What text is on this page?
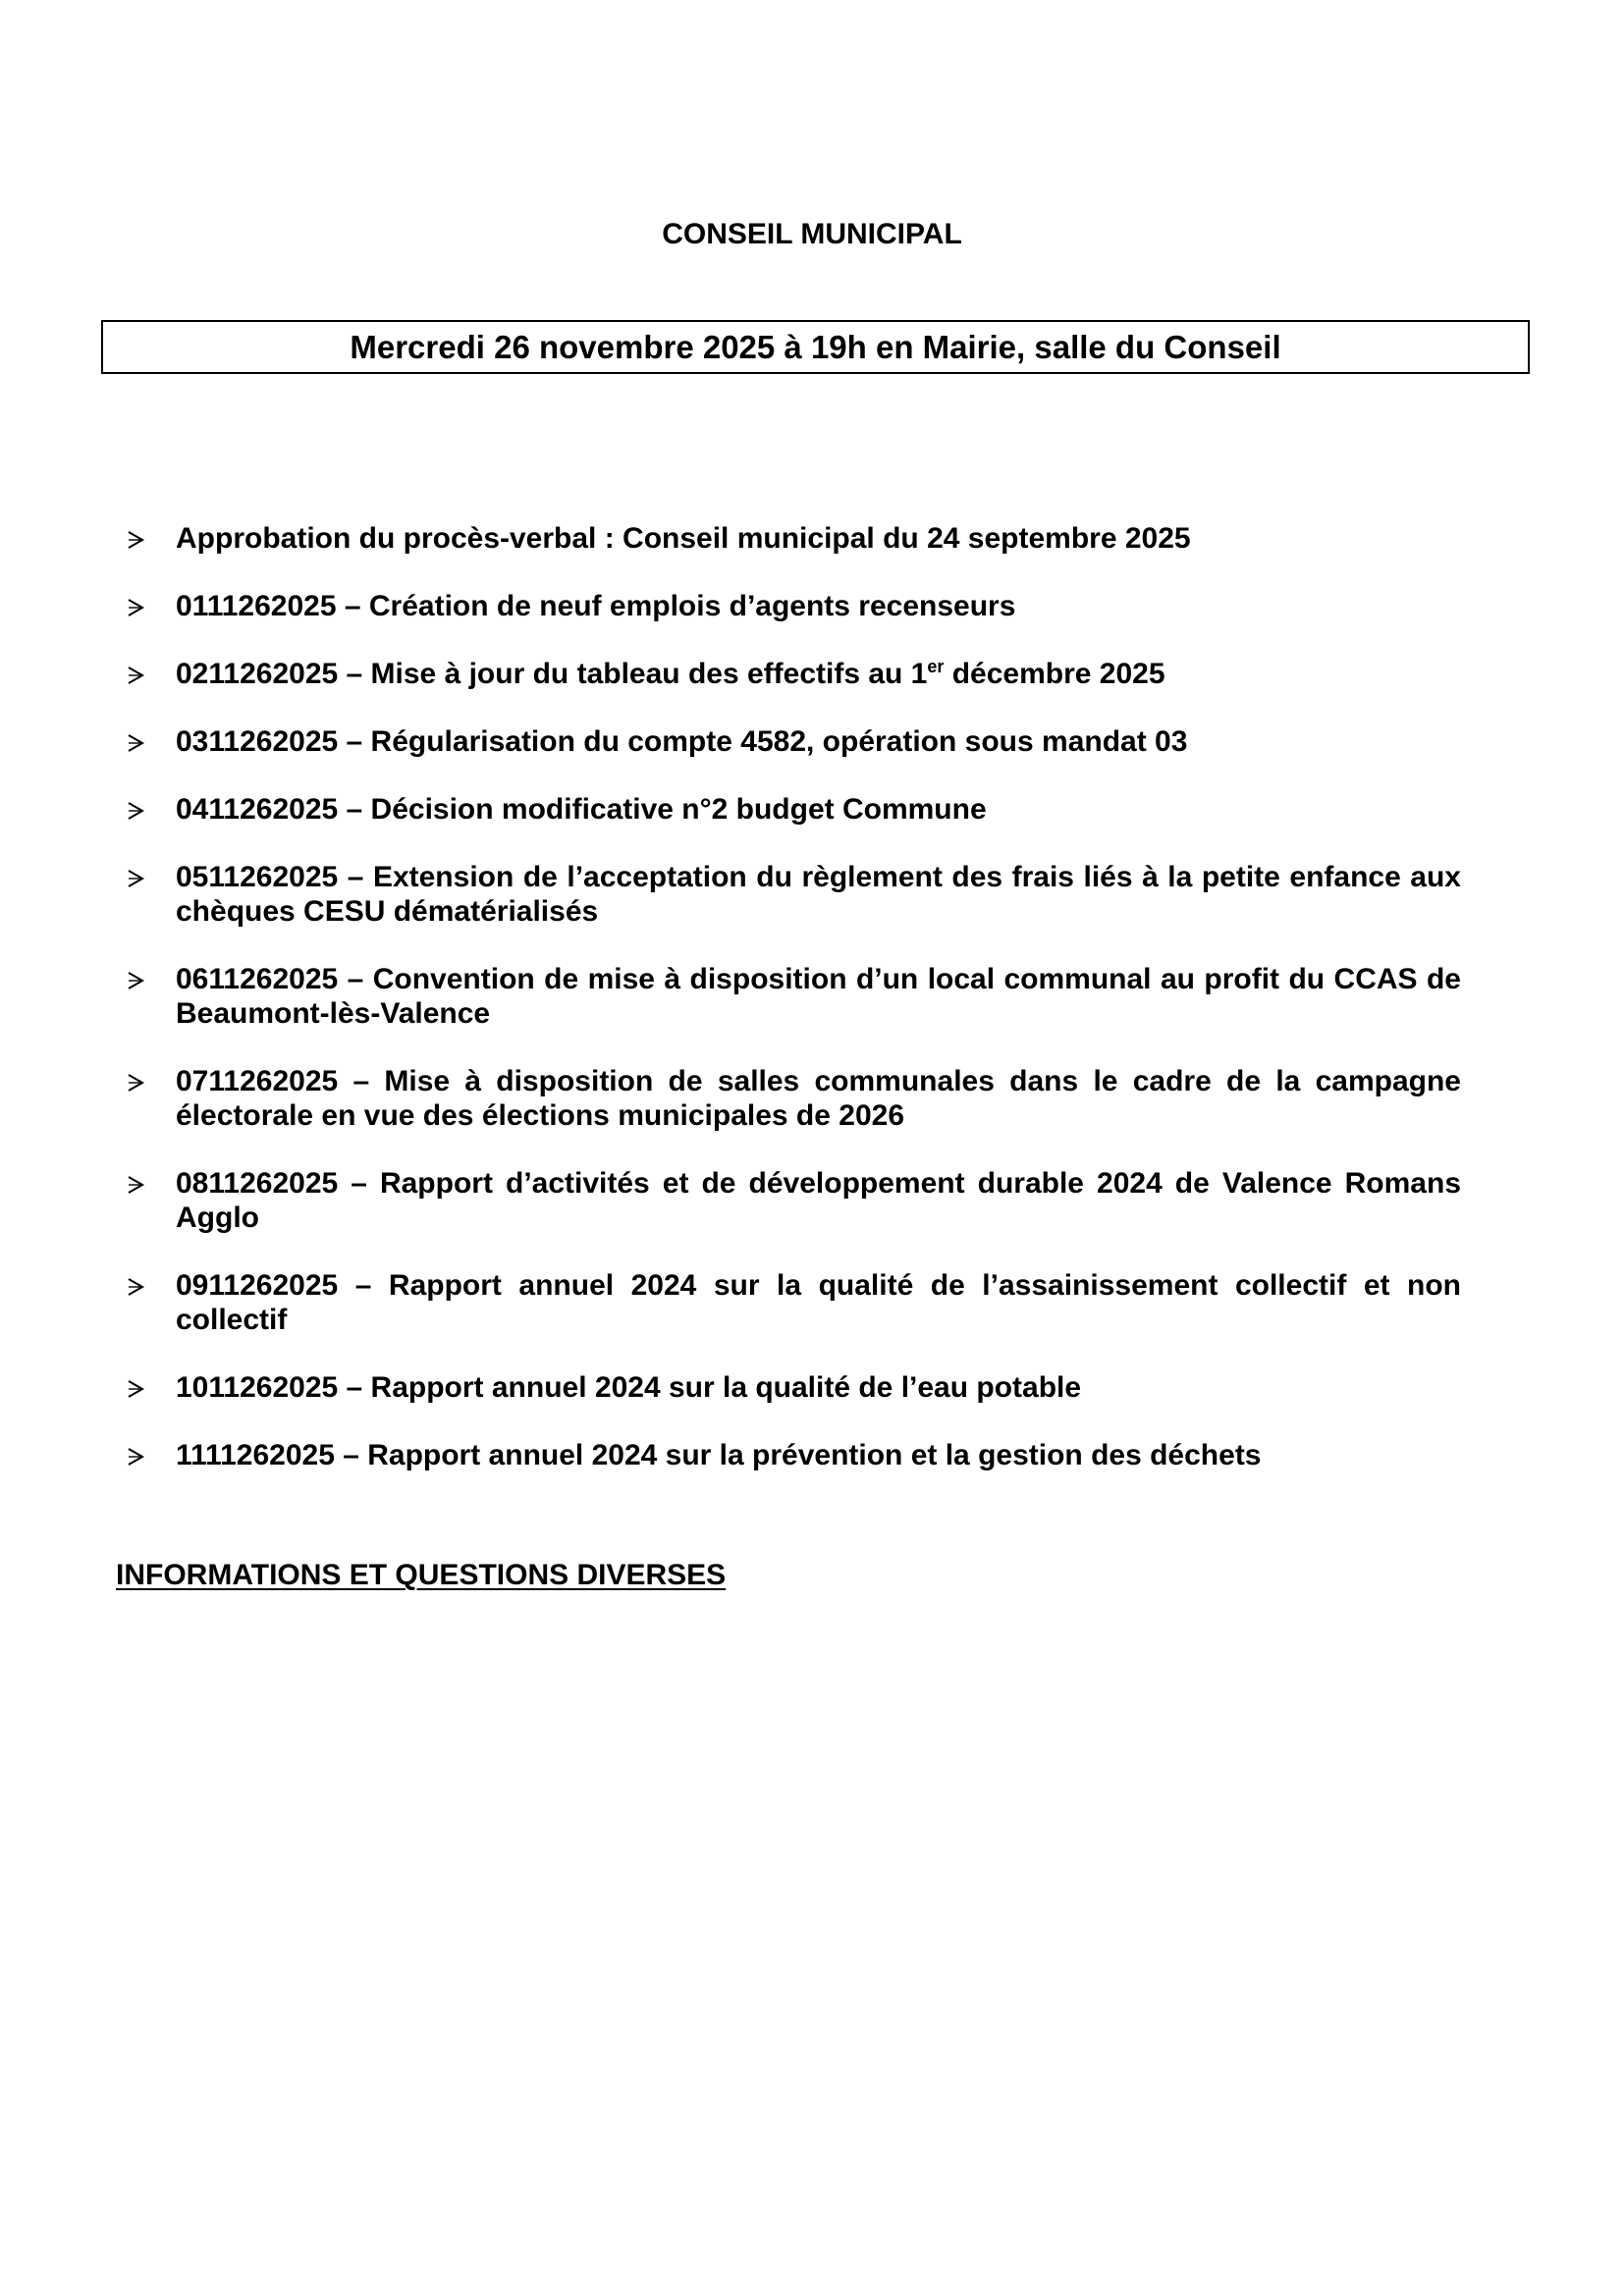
CONSEIL MUNICIPAL
Mercredi 26 novembre 2025 à 19h en Mairie, salle du Conseil
Approbation du procès-verbal : Conseil municipal du 24 septembre 2025
0111262025 – Création de neuf emplois d’agents recenseurs
0211262025 – Mise à jour du tableau des effectifs au 1er décembre 2025
0311262025 – Régularisation du compte 4582, opération sous mandat 03
0411262025 – Décision modificative n°2 budget Commune
0511262025 – Extension de l’acceptation du règlement des frais liés à la petite enfance aux chèques CESU dématérialisés
0611262025 – Convention de mise à disposition d’un local communal au profit du CCAS de Beaumont-lès-Valence
0711262025 – Mise à disposition de salles communales dans le cadre de la campagne électorale en vue des élections municipales de 2026
0811262025 – Rapport d’activités et de développement durable 2024 de Valence Romans Agglo
0911262025 – Rapport annuel 2024 sur la qualité de l’assainissement collectif et non collectif
1011262025 – Rapport annuel 2024 sur la qualité de l’eau potable
1111262025 – Rapport annuel 2024 sur la prévention et la gestion des déchets
INFORMATIONS ET QUESTIONS DIVERSES
